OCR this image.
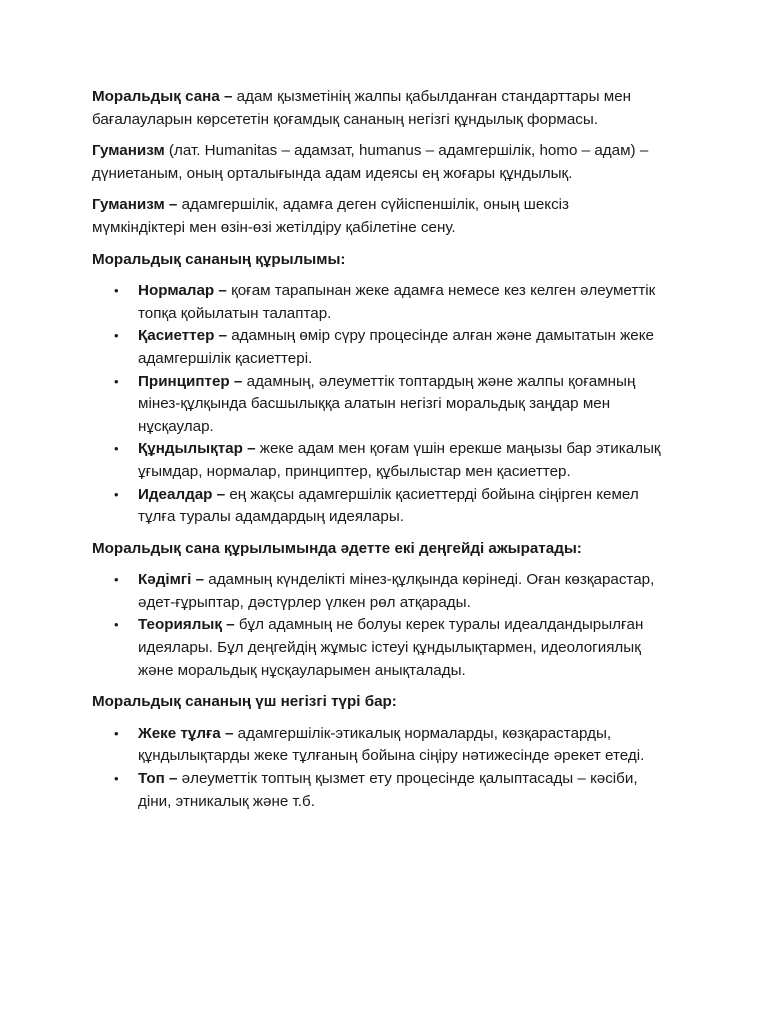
Моральдық сана – адам қызметінің жалпы қабылданған стандарттары мен бағалауларын көрсететін қоғамдық сананың негізгі құндылық формасы.

Гуманизм (лат. Humanitas – адамзат, humanus – адамгершілік, homo – адам) – дүниетаным, оның орталығында адам идеясы ең жоғары құндылық.

Гуманизм – адамгершілік, адамға деген сүйіспеншілік, оның шексіз мүмкіндіктері мен өзін-өзі жетілдіру қабілетіне сену.

Моральдық сананың құрылымы:

• Нормалар – қоғам тарапынан жеке адамға немесе кез келген әлеуметтік топқа қойылатын талаптар.
• Қасиеттер – адамның өмір сүру процесінде алған және дамытатын жеке адамгершілік қасиеттері.
• Принциптер – адамның, әлеуметтік топтардың және жалпы қоғамның мінез-құлқында басшылыққа алатын негізгі моральдық заңдар мен нұсқаулар.
• Құндылықтар – жеке адам мен қоғам үшін ерекше маңызы бар этикалық ұғымдар, нормалар, принциптер, құбылыстар мен қасиеттер.
• Идеалдар – ең жақсы адамгершілік қасиеттерді бойына сіңірген кемел тұлға туралы адамдардың идеялары.

Моральдық сана құрылымында әдетте екі деңгейді ажыратады:

• Кәдімгі – адамның күнделікті мінез-құлқында көрінеді. Оған көзқарастар, әдет-ғұрыптар, дәстүрлер үлкен рөл атқарады.
• Теориялық – бұл адамның не болуы керек туралы идеалдандырылған идеялары. Бұл деңгейдің жұмыс істеуі құндылықтармен, идеологиялық және моральдық нұсқауларымен анықталады.

Моральдық сананың үш негізгі түрі бар:

• Жеке тұлға – адамгершілік-этикалық нормаларды, көзқарастарды, құндылықтарды жеке тұлғаның бойына сіңіру нәтижесінде әрекет етеді.
• Топ – әлеуметтік топтың қызмет ету процесінде қалыптасады – кәсіби, діни, этникалық және т.б.
